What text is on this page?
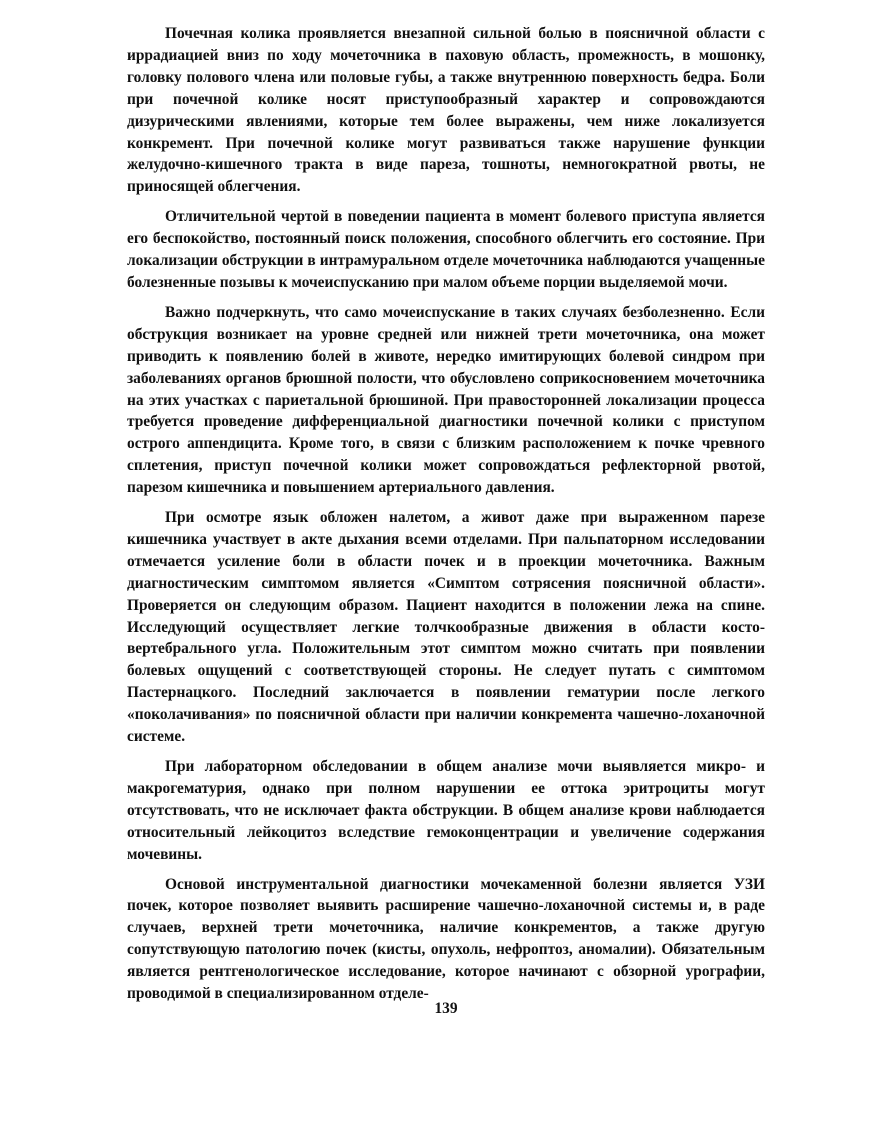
Почечная колика проявляется внезапной сильной болью в поясничной области с иррадиацией вниз по ходу мочеточника в паховую область, промежность, в мошонку, головку полового члена или половые губы, а также внутреннюю поверхность бедра. Боли при почечной колике носят приступообразный характер и сопровождаются дизурическими явлениями, которые тем более выражены, чем ниже локализуется конкремент. При почечной колике могут развиваться также нарушение функции желудочно-кишечного тракта в виде пареза, тошноты, немногократной рвоты, не приносящей облегчения.

Отличительной чертой в поведении пациента в момент болевого приступа является его беспокойство, постоянный поиск положения, способного облегчить его состояние. При локализации обструкции в интрамуральном отделе мочеточника наблюдаются учащенные болезненные позывы к мочеиспусканию при малом объеме порции выделяемой мочи.

Важно подчеркнуть, что само мочеиспускание в таких случаях безболезненно. Если обструкция возникает на уровне средней или нижней трети мочеточника, она может приводить к появлению болей в животе, нередко имитирующих болевой синдром при заболеваниях органов брюшной полости, что обусловлено соприкосновением мочеточника на этих участках с париетальной брюшиной. При правосторонней локализации процесса требуется проведение дифференциальной диагностики почечной колики с приступом острого аппендицита. Кроме того, в связи с близким расположением к почке чревного сплетения, приступ почечной колики может сопровождаться рефлекторной рвотой, парезом кишечника и повышением артериального давления.

При осмотре язык обложен налетом, а живот даже при выраженном парезе кишечника участвует в акте дыхания всеми отделами. При пальпаторном исследовании отмечается усиление боли в области почек и в проекции мочеточника. Важным диагностическим симптомом является «Симптом сотрясения поясничной области». Проверяется он следующим образом. Пациент находится в положении лежа на спине. Исследующий осуществляет легкие толчкообразные движения в области косто-вертебрального угла. Положительным этот симптом можно считать при появлении болевых ощущений с соответствующей стороны. Не следует путать с симптомом Пастернацкого. Последний заключается в появлении гематурии после легкого «поколачивания» по поясничной области при наличии конкремента чашечно-лоханочной системе.

При лабораторном обследовании в общем анализе мочи выявляется микро- и макрогематурия, однако при полном нарушении ее оттока эритроциты могут отсутствовать, что не исключает факта обструкции. В общем анализе крови наблюдается относительный лейкоцитоз вследствие гемоконцентрации и увеличение содержания мочевины.

Основой инструментальной диагностики мочекаменной болезни является УЗИ почек, которое позволяет выявить расширение чашечно-лоханочной системы и, в раде случаев, верхней трети мочеточника, наличие конкрементов, а также другую сопутствующую патологию почек (кисты, опухоль, нефроптоз, аномалии). Обязательным является рентгенологическое исследование, которое начинают с обзорной урографии, проводимой в специализированном отделе-

139
